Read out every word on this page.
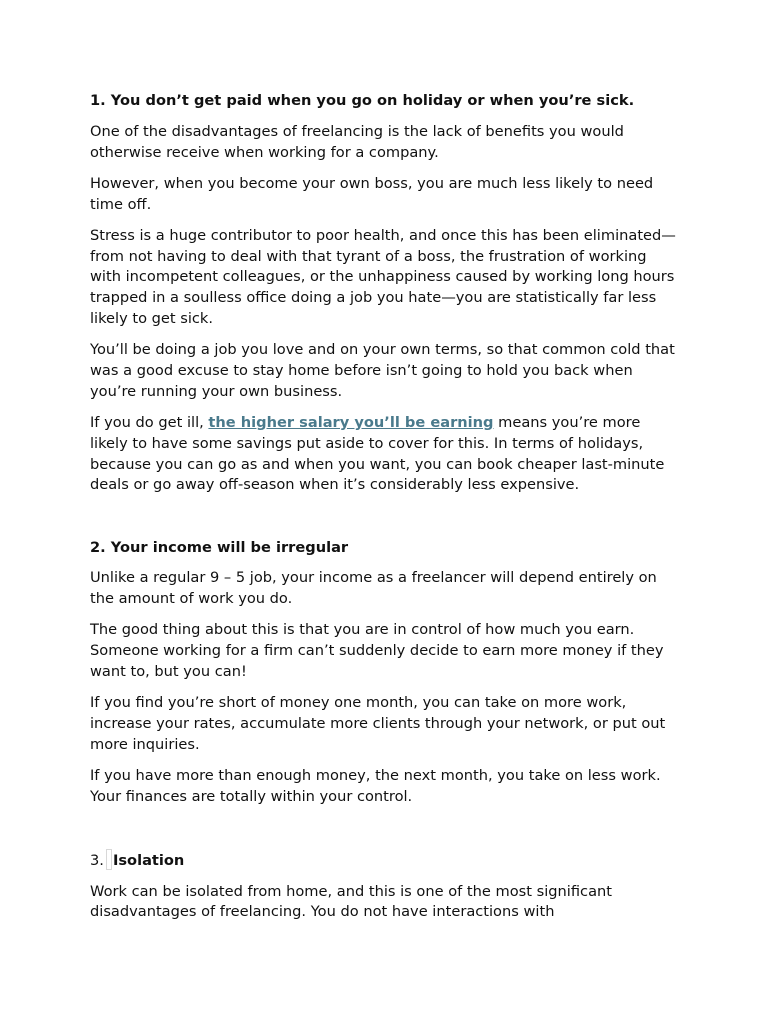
1. You don’t get paid when you go on holiday or when you’re sick.

One of the disadvantages of freelancing is the lack of benefits you would otherwise receive when working for a company.

However, when you become your own boss, you are much less likely to need time off.

Stress is a huge contributor to poor health, and once this has been eliminated—from not having to deal with that tyrant of a boss, the frustration of working with incompetent colleagues, or the unhappiness caused by working long hours trapped in a soulless office doing a job you hate—you are statistically far less likely to get sick.

You’ll be doing a job you love and on your own terms, so that common cold that was a good excuse to stay home before isn’t going to hold you back when you’re running your own business.

If you do get ill, the higher salary you’ll be earning means you’re more likely to have some savings put aside to cover for this. In terms of holidays, because you can go as and when you want, you can book cheaper last-minute deals or go away off-season when it’s considerably less expensive.

2. Your income will be irregular

Unlike a regular 9 – 5 job, your income as a freelancer will depend entirely on the amount of work you do.

The good thing about this is that you are in control of how much you earn. Someone working for a firm can’t suddenly decide to earn more money if they want to, but you can!

If you find you’re short of money one month, you can take on more work, increase your rates, accumulate more clients through your network, or put out more inquiries.

If you have more than enough money, the next month, you take on less work. Your finances are totally within your control.

3. Isolation

Work can be isolated from home, and this is one of the most significant disadvantages of freelancing. You do not have interactions with
